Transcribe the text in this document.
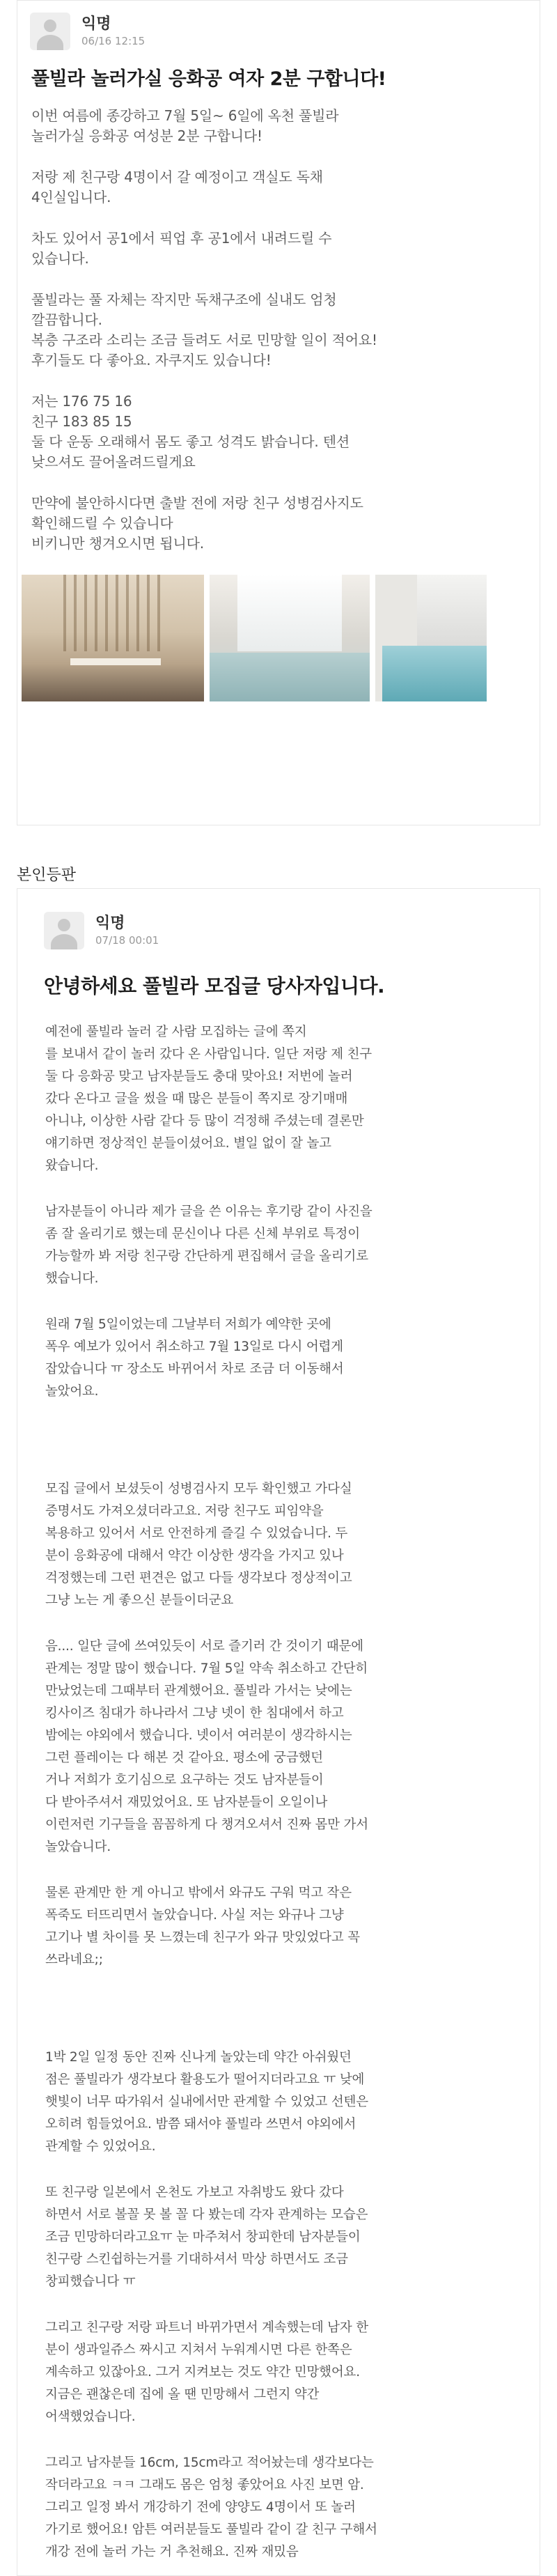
익명
06/16 12:15
풀빌라 놀러가실 응화공 여자 2분 구합니다!
이번 여름에 종강하고 7월 5일~ 6일에 옥천 풀빌라
놀러가실 응화공 여성분 2분 구합니다!
저랑 제 친구랑 4명이서 갈 예정이고 객실도 독채
4인실입니다.
차도 있어서 공1에서 픽업 후 공1에서 내려드릴 수
있습니다.
풀빌라는 풀 자체는 작지만 독채구조에 실내도 엄청
깔끔합니다.
복층 구조라 소리는 조금 들려도 서로 민망할 일이 적어요!
후기들도 다 좋아요. 자쿠지도 있습니다!
저는 176 75 16
친구 183 85 15
둘 다 운동 오래해서 몸도 좋고 성격도 밝습니다. 텐션
낮으셔도 끌어올려드릴게요
만약에 불안하시다면 출발 전에 저랑 친구 성병검사지도
확인해드릴 수 있습니다
비키니만 챙겨오시면 됩니다.
본인등판
익명
07/18 00:01
안녕하세요 풀빌라 모집글 당사자입니다.
예전에 풀빌라 놀러 갈 사람 모집하는 글에 쪽지
를 보내서 같이 놀러 갔다 온 사람입니다. 일단 저랑 제 친구
둘 다 응화공 맞고 남자분들도 충대 맞아요! 저번에 놀러
갔다 온다고 글을 썼을 때 많은 분들이 쪽지로 장기매매
아니냐, 이상한 사람 같다 등 많이 걱정해 주셨는데 결론만
얘기하면 정상적인 분들이셨어요. 별일 없이 잘 놀고
왔습니다.
남자분들이 아니라 제가 글을 쓴 이유는 후기랑 같이 사진을
좀 잘 올리기로 했는데 문신이나 다른 신체 부위로 특정이
가능할까 봐 저랑 친구랑 간단하게 편집해서 글을 올리기로
했습니다.
원래 7월 5일이었는데 그날부터 저희가 예약한 곳에
폭우 예보가 있어서 취소하고 7월 13일로 다시 어렵게
잡았습니다 ㅠ 장소도 바뀌어서 차로 조금 더 이동해서
놀았어요.
모집 글에서 보셨듯이 성병검사지 모두 확인했고 가다실
증명서도 가져오셨더라고요. 저랑 친구도 피임약을
복용하고 있어서 서로 안전하게 즐길 수 있었습니다. 두
분이 응화공에 대해서 약간 이상한 생각을 가지고 있나
걱정했는데 그런 편견은 없고 다들 생각보다 정상적이고
그냥 노는 게 좋으신 분들이더군요
음.... 일단 글에 쓰여있듯이 서로 즐기러 간 것이기 때문에
관계는 정말 많이 했습니다. 7월 5일 약속 취소하고 간단히
만났었는데 그때부터 관계했어요. 풀빌라 가서는 낮에는
킹사이즈 침대가 하나라서 그냥 넷이 한 침대에서 하고
밤에는 야외에서 했습니다. 넷이서 여러분이 생각하시는
그런 플레이는 다 해본 것 같아요. 평소에 궁금했던
거나 저희가 호기심으로 요구하는 것도 남자분들이
다 받아주셔서 재밌었어요. 또 남자분들이 오일이나
이런저런 기구들을 꼼꼼하게 다 챙겨오셔서 진짜 몸만 가서
놀았습니다.
물론 관계만 한 게 아니고 밖에서 와규도 구워 먹고 작은
폭죽도 터뜨리면서 놀았습니다. 사실 저는 와규나 그냥
고기나 별 차이를 못 느꼈는데 친구가 와규 맛있었다고 꼭
쓰라네요;;
1박 2일 일정 동안 진짜 신나게 놀았는데 약간 아쉬웠던
점은 풀빌라가 생각보다 활용도가 떨어지더라고요 ㅠ 낮에
햇빛이 너무 따가워서 실내에서만 관계할 수 있었고 선텐은
오히려 힘들었어요. 밤쯤 돼서야 풀빌라 쓰면서 야외에서
관계할 수 있었어요.
또 친구랑 일본에서 온천도 가보고 자취방도 왔다 갔다
하면서 서로 볼꼴 못 볼 꼴 다 봤는데 각자 관계하는 모습은
조금 민망하더라고요ㅠ 눈 마주쳐서 창피한데 남자분들이
친구랑 스킨쉽하는거를 기대하셔서 막상 하면서도 조금
창피했습니다 ㅠ
그리고 친구랑 저랑 파트너 바뀌가면서 계속했는데 남자 한
분이 생과일쥬스 짜시고 지쳐서 누워계시면 다른 한쪽은
계속하고 있잖아요. 그거 지켜보는 것도 약간 민망했어요.
지금은 괜찮은데 집에 올 땐 민망해서 그런지 약간
어색했었습니다.
그리고 남자분들 16cm, 15cm라고 적어놨는데 생각보다는
작더라고요 ㅋㅋ 그래도 몸은 엄청 좋았어요 사진 보면 암.
그리고 일정 봐서 개강하기 전에 양양도 4명이서 또 놀러
가기로 했어요! 암튼 여러분들도 풀빌라 같이 갈 친구 구해서
개강 전에 놀러 가는 거 추천해요. 진짜 재밌음
